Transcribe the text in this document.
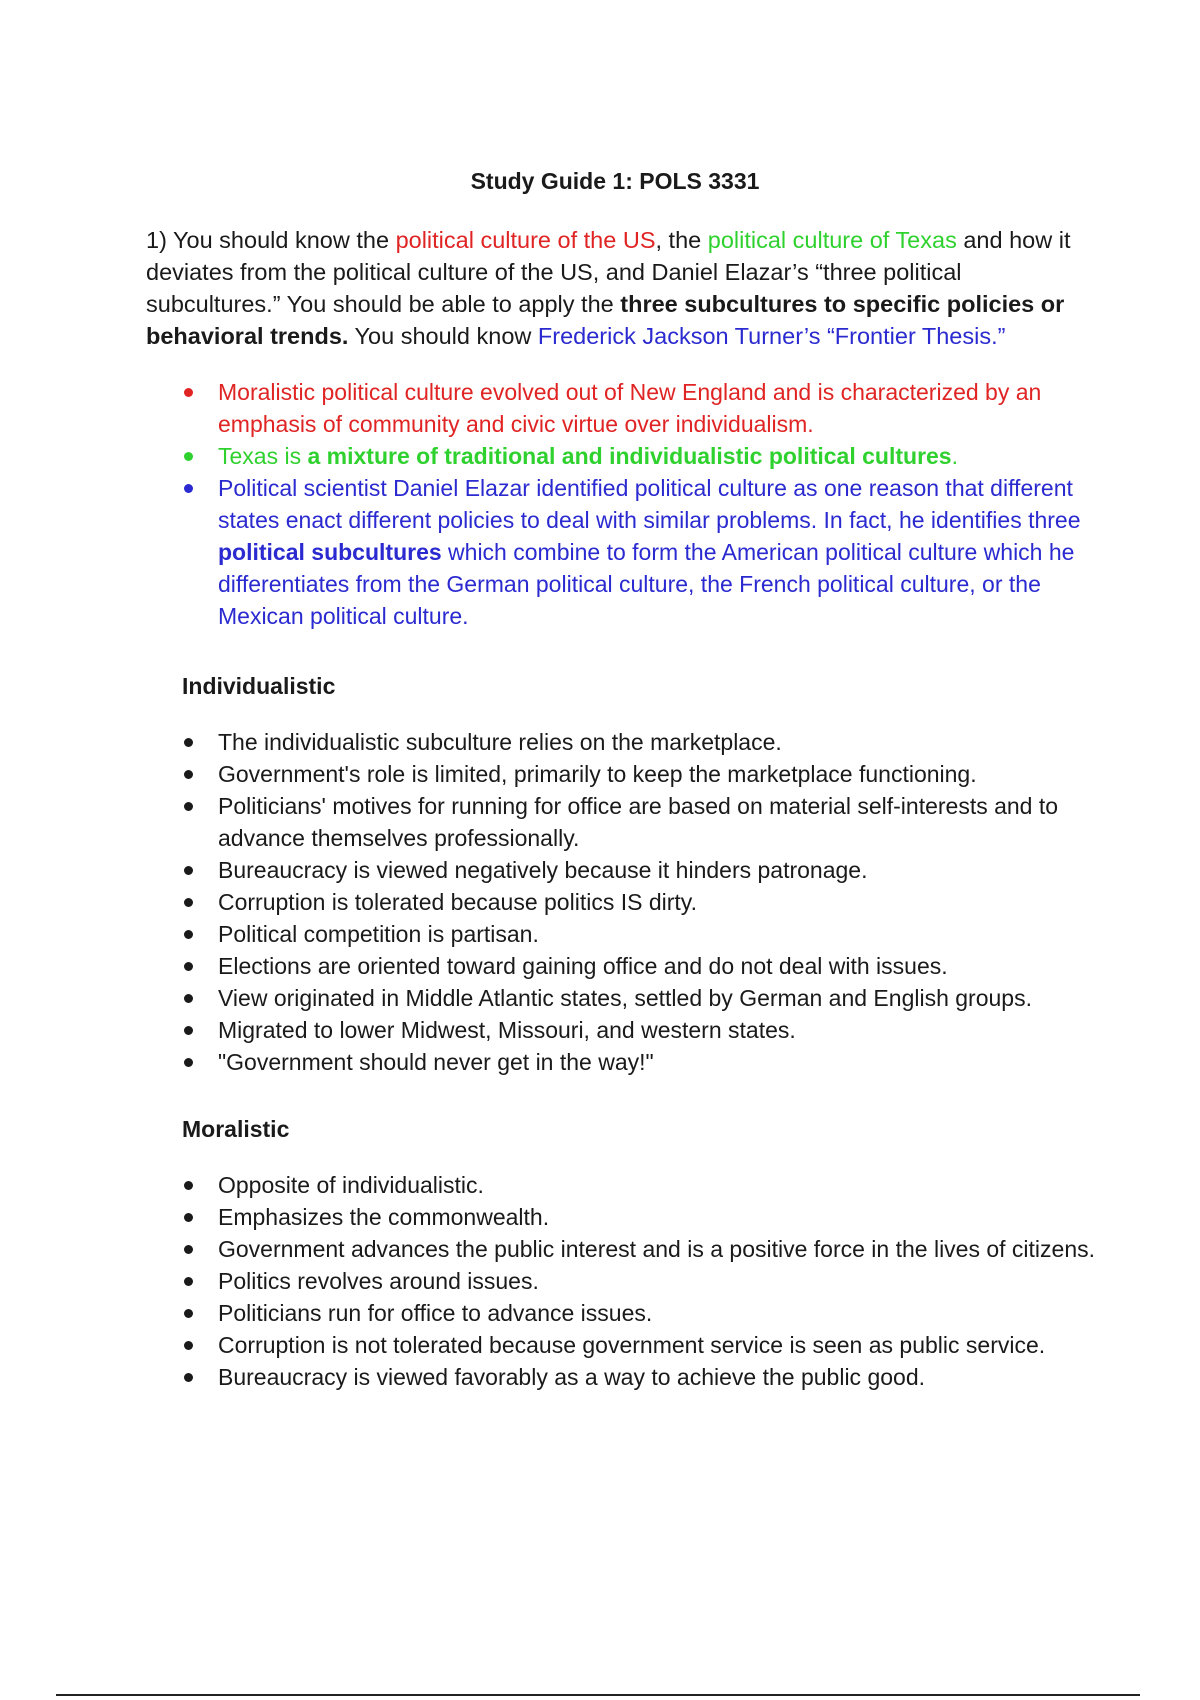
Study Guide 1: POLS 3331
1) You should know the political culture of the US, the political culture of Texas and how it deviates from the political culture of the US, and Daniel Elazar’s “three political subcultures.” You should be able to apply the three subcultures to specific policies or behavioral trends. You should know Frederick Jackson Turner’s “Frontier Thesis.”
Moralistic political culture evolved out of New England and is characterized by an emphasis of community and civic virtue over individualism.
Texas is a mixture of traditional and individualistic political cultures.
Political scientist Daniel Elazar identified political culture as one reason that different states enact different policies to deal with similar problems. In fact, he identifies three political subcultures which combine to form the American political culture which he differentiates from the German political culture, the French political culture, or the Mexican political culture.
Individualistic
The individualistic subculture relies on the marketplace.
Government's role is limited, primarily to keep the marketplace functioning.
Politicians' motives for running for office are based on material self-interests and to advance themselves professionally.
Bureaucracy is viewed negatively because it hinders patronage.
Corruption is tolerated because politics IS dirty.
Political competition is partisan.
Elections are oriented toward gaining office and do not deal with issues.
View originated in Middle Atlantic states, settled by German and English groups.
Migrated to lower Midwest, Missouri, and western states.
"Government should never get in the way!"
Moralistic
Opposite of individualistic.
Emphasizes the commonwealth.
Government advances the public interest and is a positive force in the lives of citizens.
Politics revolves around issues.
Politicians run for office to advance issues.
Corruption is not tolerated because government service is seen as public service.
Bureaucracy is viewed favorably as a way to achieve the public good.
